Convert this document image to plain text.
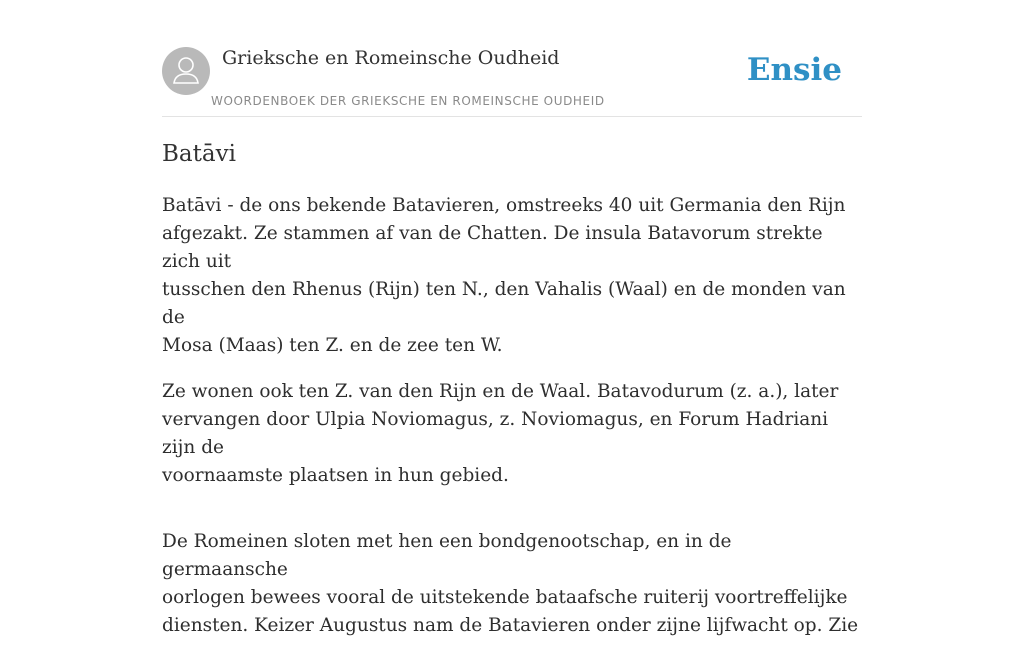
Grieksche en Romeinsche Oudheid
WOORDENBOEK DER GRIEKSCHE EN ROMEINSCHE OUDHEID
Ensie
Batāvi

Batāvi - de ons bekende Batavieren, omstreeks 40 uit Germania den Rijn
afgezakt. Ze stammen af van de Chatten. De insula Batavorum strekte zich uit
tusschen den Rhenus (Rijn) ten N., den Vahalis (Waal) en de monden van de
Mosa (Maas) ten Z. en de zee ten W.

Ze wonen ook ten Z. van den Rijn en de Waal. Batavodurum (z. a.), later
vervangen door Ulpia Noviomagus, z. Noviomagus, en Forum Hadriani zijn de
voornaamste plaatsen in hun gebied.

De Romeinen sloten met hen een bondgenootschap, en in de germaansche
oorlogen bewees vooral de uitstekende bataafsche ruiterij voortreffelijke
diensten. Keizer Augustus nam de Batavieren onder zijne lijfwacht op. Zie
